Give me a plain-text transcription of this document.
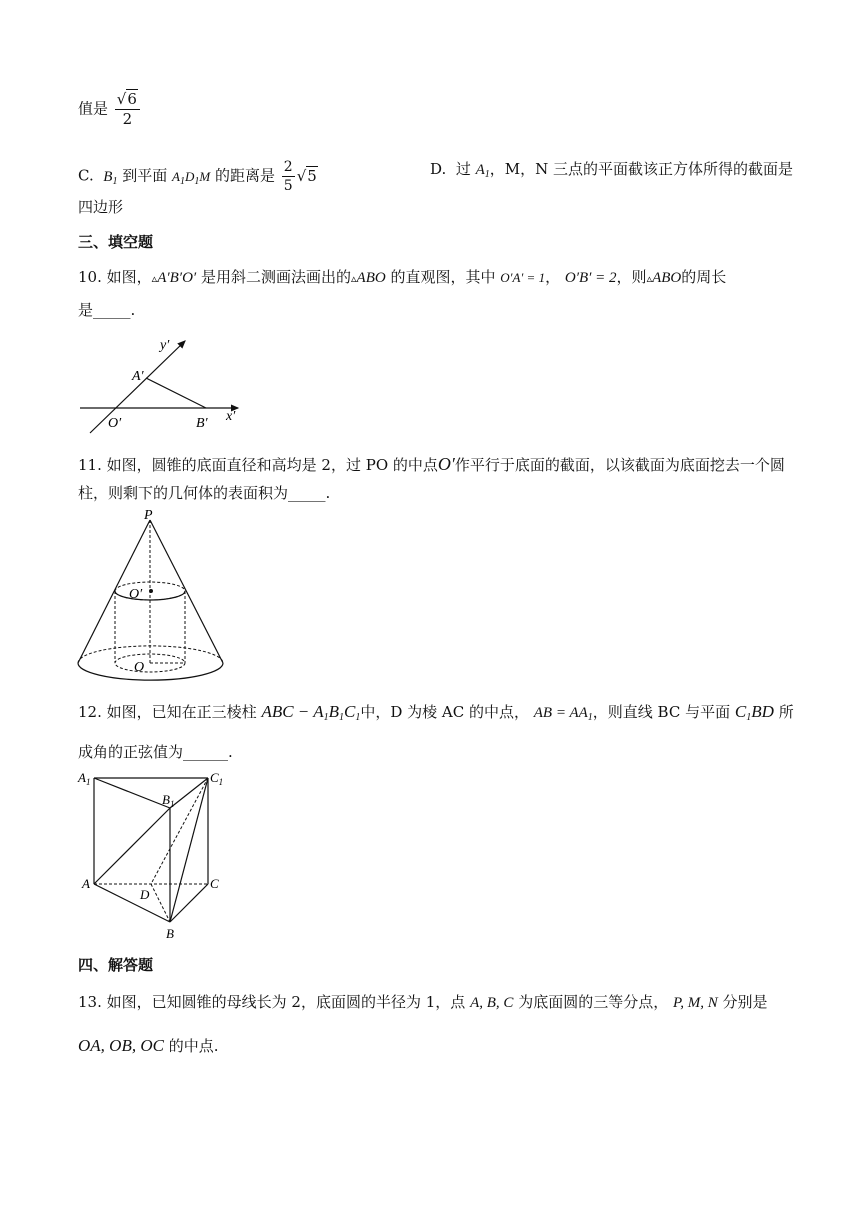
值是 $\frac{√6}{2}$
C. $B_1$ 到平面 $A_1D_1M$ 的距离是 $\frac{2}{5} √5$	D. 过 $A_1$，M，N 三点的平面截该正方体所得的截面是
四边形
三、填空题
10. 如图，▵A′B′O′ 是用斜二测画法画出的▵ABO 的直观图，其中 O′A′ = 1， O′B′ = 2，则▵ABO的周长
是_____.
y′
A′
O′	B′ x′
11. 如图，圆锥的底面直径和高均是 2，过 PO 的中点O′作平行于底面的截面，以该截面为底面挖去一个圆
柱，则剩下的几何体的表面积为_____.
P
O′
O
12. 如图，已知在正三棱柱 ABC − $A_1B_1C_1$中，D 为棱 AC 的中点， AB = $AA_1$，则直线 BC 与平面 $C_1BD$ 所
成角的正弦值为______.
$A_1$	$C_1$
$B_1$
A	C
D
B
四、解答题
13. 如图，已知圆锥的母线长为 2，底面圆的半径为 1，点 A, B, C 为底面圆的三等分点， P, M, N 分别是
OA, OB, OC 的中点.
